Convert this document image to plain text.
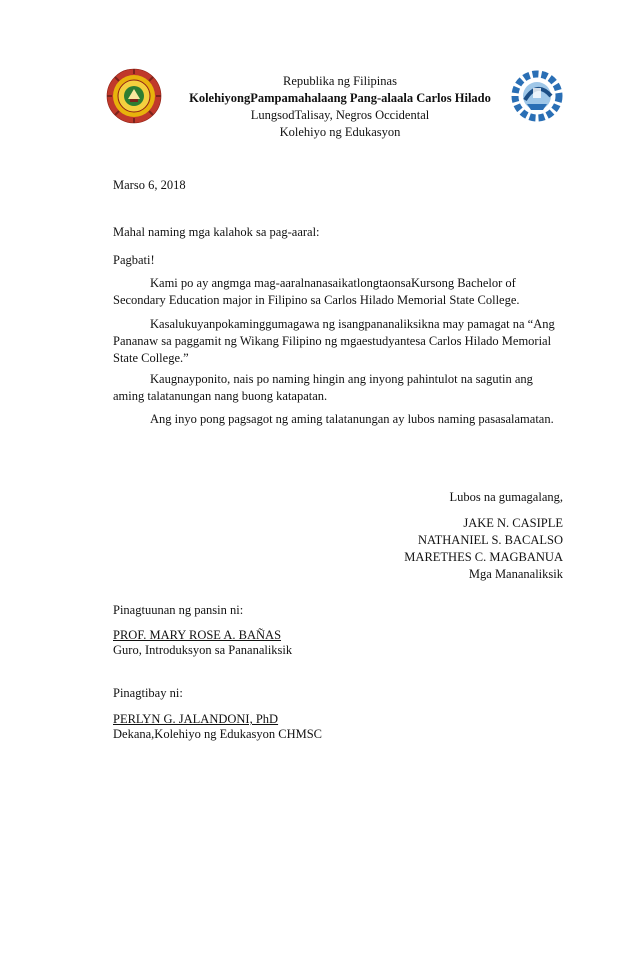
Republika ng Filipinas
KolehiyongPampamahalaang Pang-alaala Carlos Hilado
LungsodTalisay, Negros Occidental
Kolehiyo ng Edukasyon
Marso 6, 2018
Mahal naming mga kalahok sa pag-aaral:
Pagbati!

Kami po ay angmga mag-aaralnanasaikatlongtaonsaKursong Bachelor of Secondary Education major in Filipino sa Carlos Hilado Memorial State College.

Kasalukuyanpokaminggumagawa ng isangpananaliksikna may pamagat na “Ang Pananaw sa paggamit ng Wikang Filipino ng mgaestudyantesa Carlos Hilado Memorial State College.”

Kaugnayponito, nais po naming hingin ang inyong pahintulot na sagutin ang aming talatanungan nang buong katapatan.

Ang inyo pong pagsagot ng aming talatanungan ay lubos naming pasasalamatan.

Lubos na gumagalang,
JAKE N. CASIPLE
NATHANIEL S. BACALSO
MARETHES C. MAGBANUA
Mga Mananaliksik
Pinagtuunan ng pansin ni:
PROF. MARY ROSE A. BAÑAS
Guro, Introduksyon sa Pananaliksik
Pinagtibay ni:
PERLYN G. JALANDONI, PhD
Dekana,Kolehiyo ng Edukasyon CHMSC
